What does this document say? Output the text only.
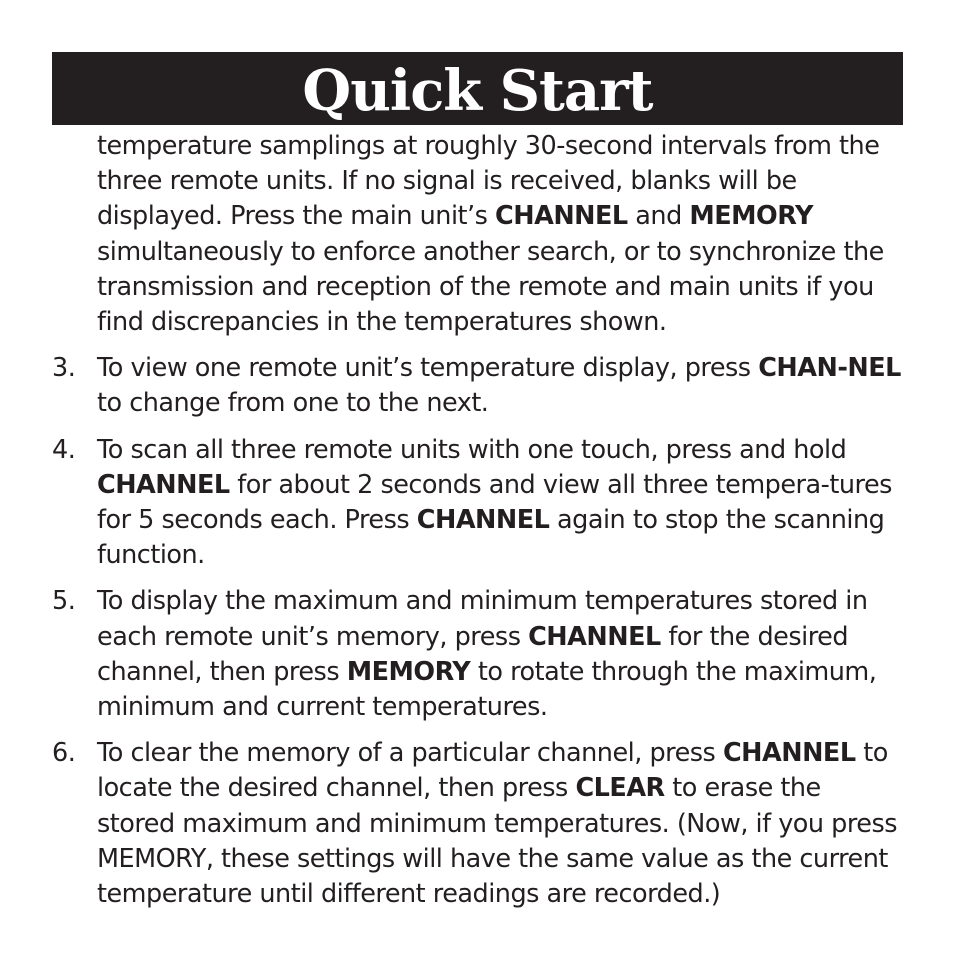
Quick Start
temperature samplings at roughly 30-second intervals from the three remote units. If no signal is received, blanks will be displayed. Press the main unit’s CHANNEL and MEMORY simultaneously to enforce another search, or to synchronize the transmission and reception of the remote and main units if you find discrepancies in the temperatures shown.
3. To view one remote unit’s temperature display, press CHAN-NEL to change from one to the next.
4. To scan all three remote units with one touch, press and hold CHANNEL for about 2 seconds and view all three tempera-tures for 5 seconds each. Press CHANNEL again to stop the scanning function.
5. To display the maximum and minimum temperatures stored in each remote unit’s memory, press CHANNEL for the desired channel, then press MEMORY to rotate through the maximum, minimum and current temperatures.
6. To clear the memory of a particular channel, press CHANNEL to locate the desired channel, then press CLEAR to erase the stored maximum and minimum temperatures. (Now, if you press MEMORY, these settings will have the same value as the current temperature until different readings are recorded.)
